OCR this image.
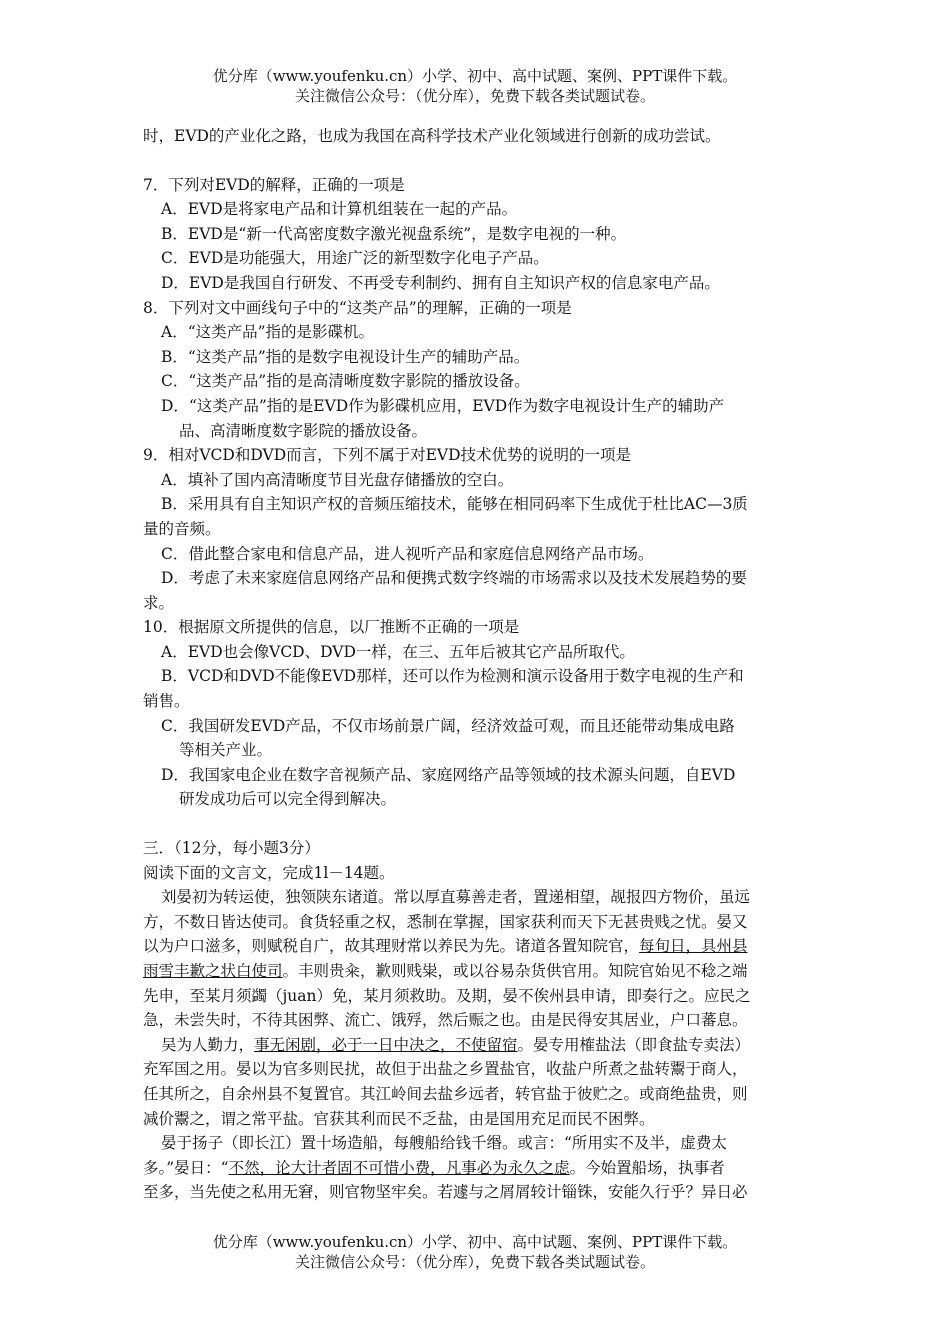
优分库（www.youfenku.cn）小学、初中、高中试题、案例、PPT课件下载。
关注微信公众号：（优分库），免费下载各类试题试卷。

时，EVD的产业化之路，也成为我国在高科学技术产业化领域进行创新的成功尝试。

7．下列对EVD的解释，正确的一项是

A．EVD是将家电产品和计算机组装在一起的产品。

B．EVD是“新一代高密度数字激光视盘系统”，是数字电视的一种。

C．EVD是功能强大，用途广泛的新型数字化电子产品。

D．EVD是我国自行研发、不再受专利制约、拥有自主知识产权的信息家电产品。

8．下列对文中画线句子中的“这类产品”的理解，正确的一项是

A．“这类产品”指的是影碟机。

B．“这类产品”指的是数字电视设计生产的辅助产品。

C．“这类产品”指的是高清晰度数字影院的播放设备。

D．“这类产品”指的是EVD作为影碟机应用，EVD作为数字电视设计生产的辅助产

品、高清晰度数字影院的播放设备。

9．相对VCD和DVD而言，下列不属于对EVD技术优势的说明的一项是

A．填补了国内高清晰度节目光盘存储播放的空白。

B．采用具有自主知识产权的音频压缩技术，能够在相同码率下生成优于杜比AC—3质

量的音频。

C．借此整合家电和信息产品，进人视听产品和家庭信息网络产品市场。

D．考虑了未来家庭信息网络产品和便携式数字终端的市场需求以及技术发展趋势的要

求。

10．根据原文所提供的信息，以厂推断不正确的一项是

A．EVD也会像VCD、DVD一样，在三、五年后被其它产品所取代。

B．VCD和DVD不能像EVD那样，还可以作为检测和演示设备用于数字电视的生产和

销售。

C．我国研发EVD产品，不仅市场前景广阔，经济效益可观，而且还能带动集成电路

等相关产业。

D．我国家电企业在数字音视频产品、家庭网络产品等领域的技术源头问题，自EVD

研发成功后可以完全得到解决。

三．（12分，每小题3分）

阅读下面的文言文，完成1l－14题。

刘晏初为转运使，独领陕东诸道。常以厚直募善走者，置递相望，觇报四方物价，虽远

方，不数日皆达使司。食货轻重之权，悉制在掌握，国家获利而天下无甚贵贱之忧。晏又

以为户口滋多，则赋税自广，故其理财常以养民为先。诸道各置知院官，每旬日，具州县

雨雪丰歉之状白使司。丰则贵籴，歉则贱粜，或以谷易杂货供官用。知院官始见不稔之端

先申，至某月须蠲（juan）免，某月须救助。及期，晏不俟州县申请，即奏行之。应民之

急，未尝失时，不待其困弊、流亡、饿殍，然后赈之也。由是民得安其居业，户口蕃息。

吴为人勤力，事无闲剧，必于一日中决之，不使留宿。晏专用榷盐法（即食盐专卖法）

充军国之用。晏以为官多则民扰，故但于出盐之乡置盐官，收盐户所煮之盐转鬻于商人，

任其所之，自余州县不复置官。其江岭间去盐乡远者，转官盐于彼贮之。或商绝盐贵，则

减价鬻之，谓之常平盐。官获其利而民不乏盐，由是国用充足而民不困弊。

晏于扬子（即长江）置十场造船，每艘船给钱千缗。或言：“所用实不及半，虚费太

多。”晏日：“不然，论大计者固不可惜小费，凡事必为永久之虑。今始置船场，执事者

至多，当先使之私用无窘，则官物坚牢矣。若遽与之屑屑较计锱铢，安能久行乎？异日必

优分库（www.youfenku.cn）小学、初中、高中试题、案例、PPT课件下载。
关注微信公众号：（优分库），免费下载各类试题试卷。
